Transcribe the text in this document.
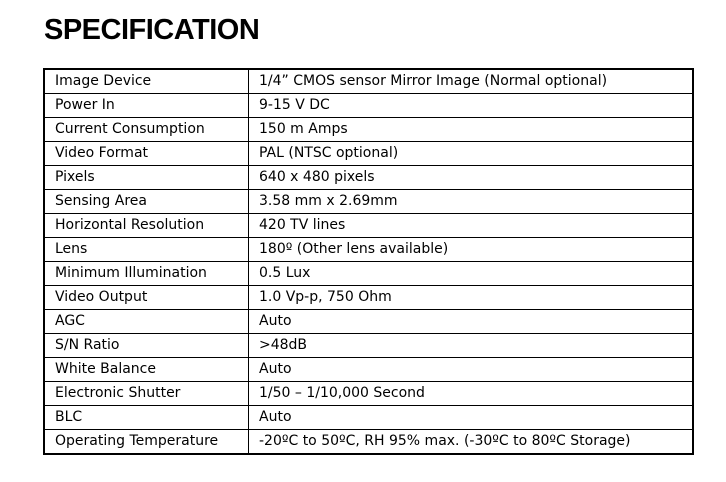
SPECIFICATION
Image Device	1/4” CMOS sensor Mirror Image (Normal optional)
Power In	9-15 V DC
Current Consumption	150 m Amps
Video Format	PAL (NTSC optional)
Pixels	640 x 480 pixels
Sensing Area	3.58 mm x 2.69mm
Horizontal Resolution	420 TV lines
Lens	180º (Other lens available)
Minimum Illumination	0.5 Lux
Video Output	1.0 Vp-p, 750 Ohm
AGC	Auto
S/N Ratio	>48dB
White Balance	Auto
Electronic Shutter	1/50 – 1/10,000 Second
BLC	Auto
Operating Temperature	-20ºC to 50ºC, RH 95% max. (-30ºC to 80ºC Storage)
